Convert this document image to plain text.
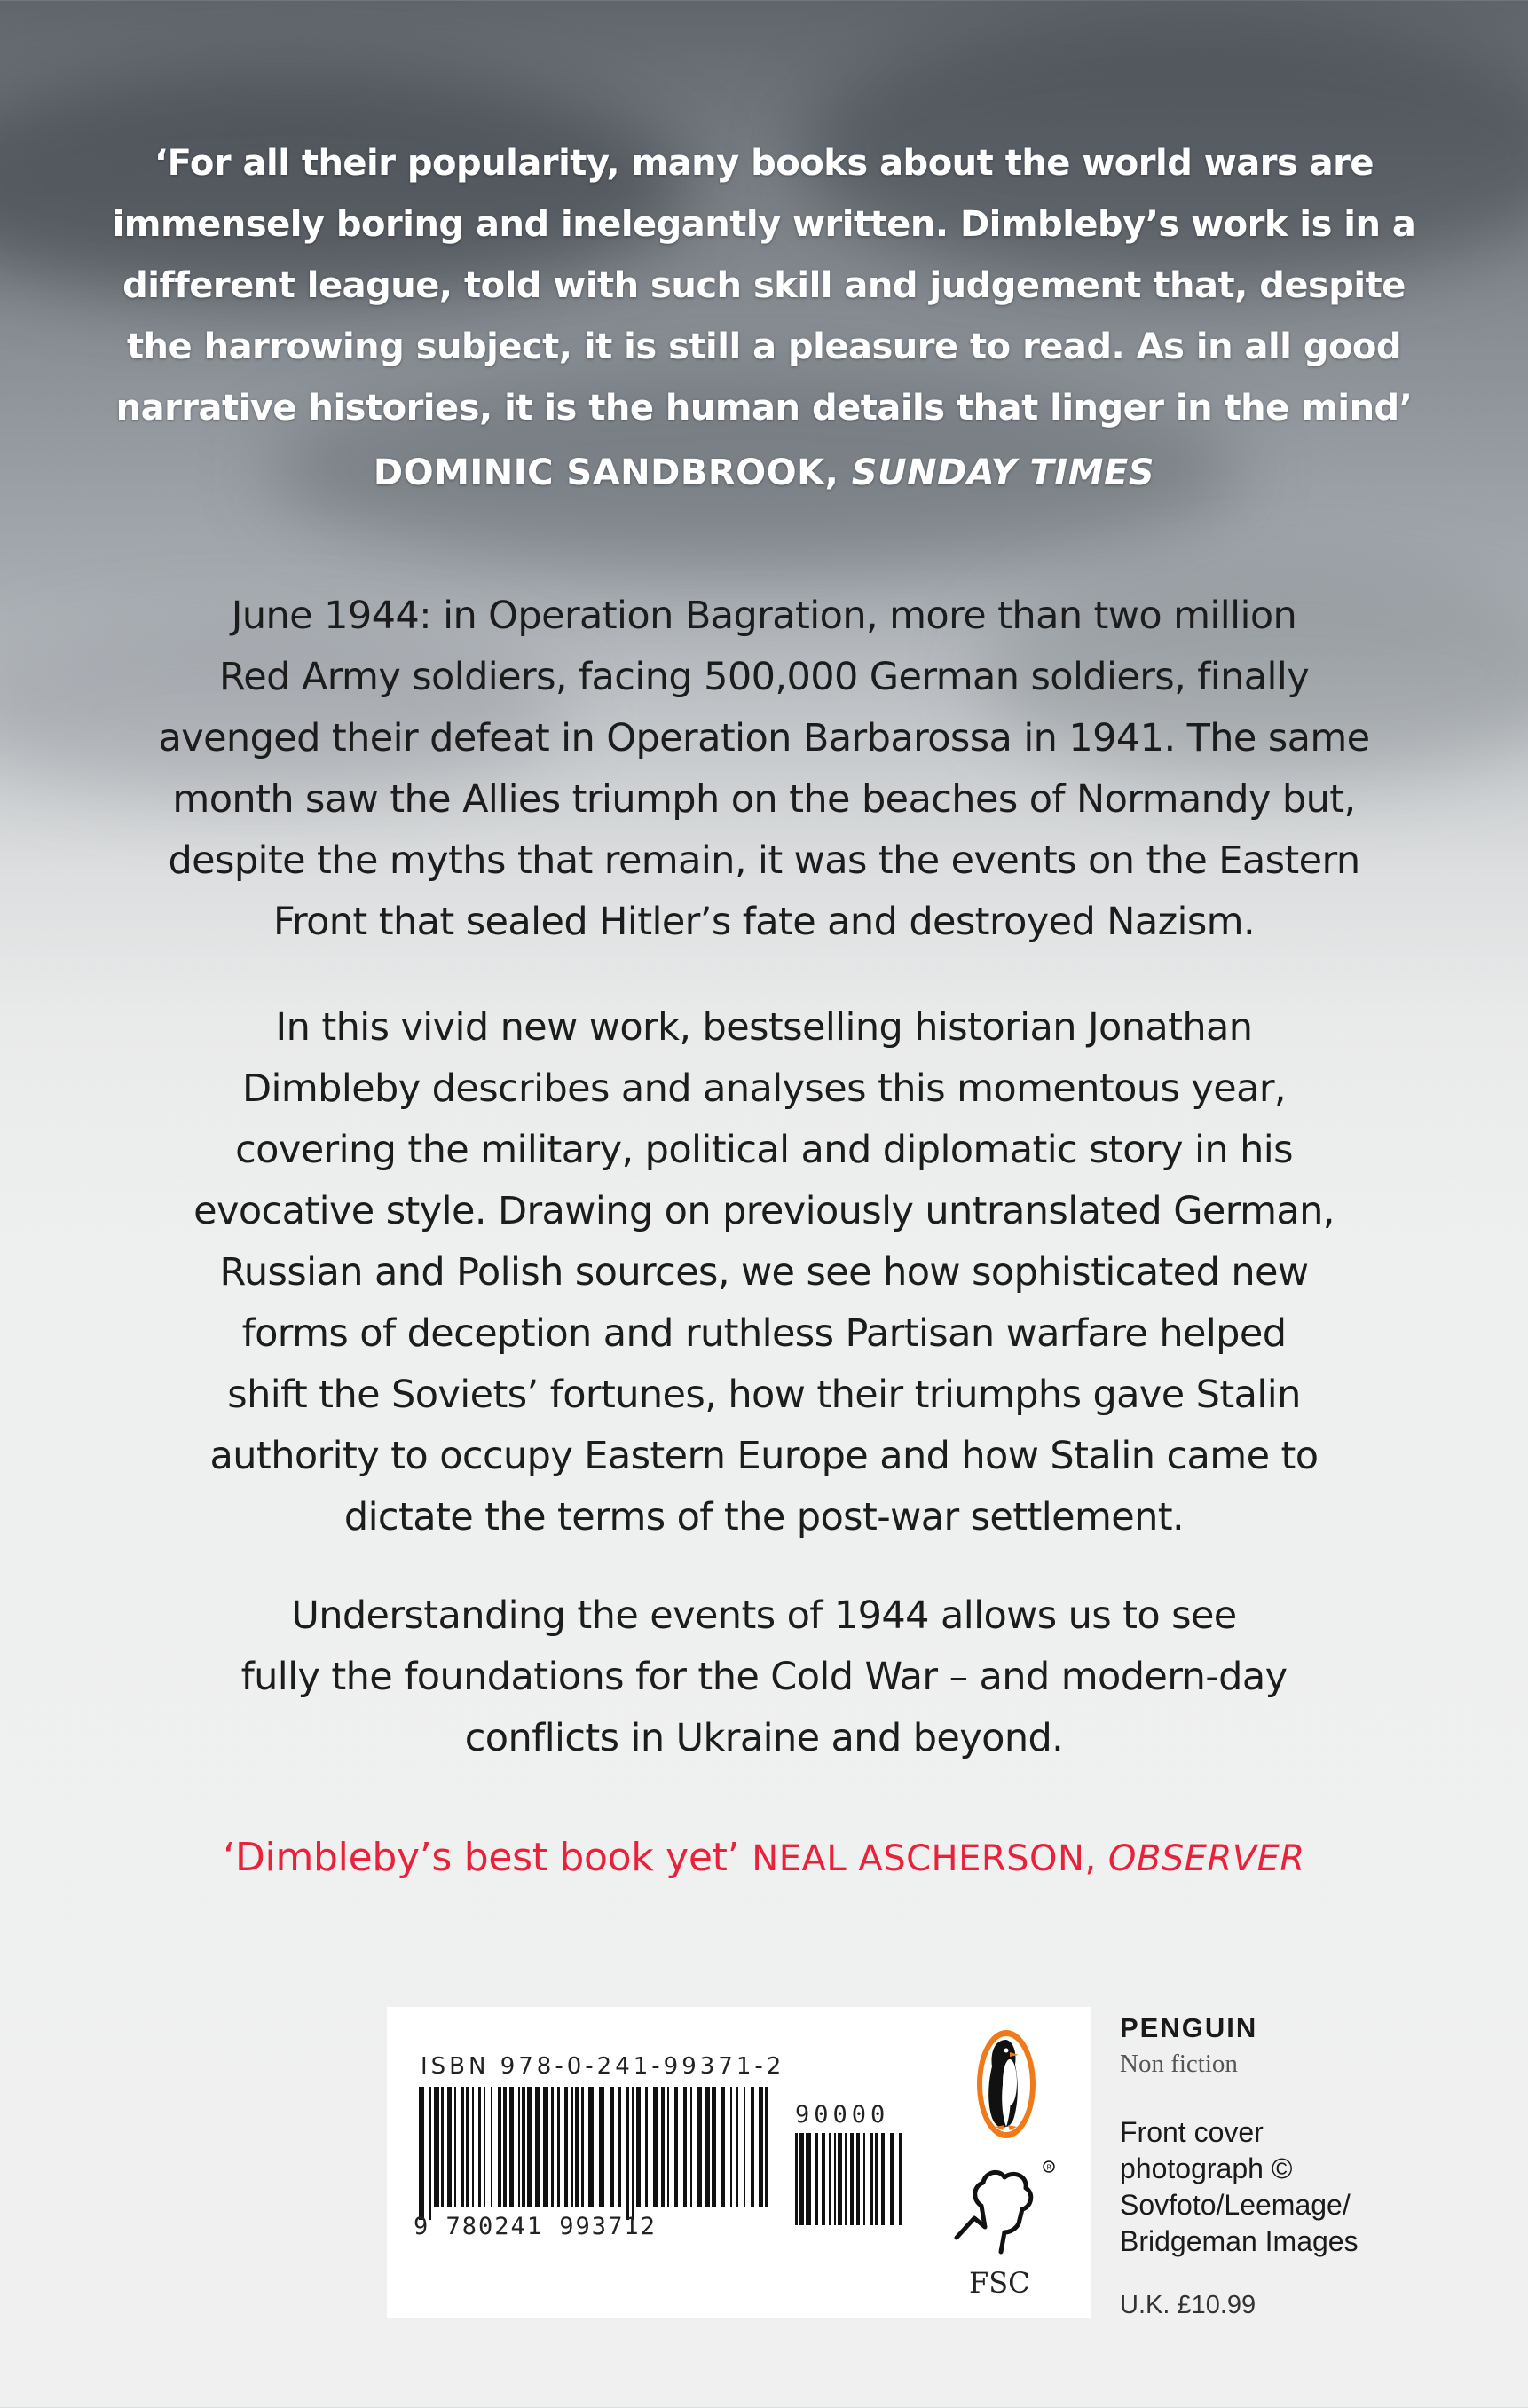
‘For all their popularity, many books about the world wars are
immensely boring and inelegantly written. Dimbleby’s work is in a
different league, told with such skill and judgement that, despite
the harrowing subject, it is still a pleasure to read. As in all good
narrative histories, it is the human details that linger in the mind’
DOMINIC SANDBROOK, SUNDAY TIMES
June 1944: in Operation Bagration, more than two million
Red Army soldiers, facing 500,000 German soldiers, finally
avenged their defeat in Operation Barbarossa in 1941. The same
month saw the Allies triumph on the beaches of Normandy but,
despite the myths that remain, it was the events on the Eastern
Front that sealed Hitler’s fate and destroyed Nazism.
In this vivid new work, bestselling historian Jonathan
Dimbleby describes and analyses this momentous year,
covering the military, political and diplomatic story in his
evocative style. Drawing on previously untranslated German,
Russian and Polish sources, we see how sophisticated new
forms of deception and ruthless Partisan warfare helped
shift the Soviets’ fortunes, how their triumphs gave Stalin
authority to occupy Eastern Europe and how Stalin came to
dictate the terms of the post-war settlement.
Understanding the events of 1944 allows us to see
fully the foundations for the Cold War – and modern-day
conflicts in Ukraine and beyond.
‘Dimbleby’s best book yet’ NEAL ASCHERSON, OBSERVER
ISBN 978-0-241-99371-2
9 780241 993712
90000
R
FSC
PENGUIN
Non fiction
Front cover
photograph ©
Sovfoto/Leemage/
Bridgeman Images
U.K. £10.99
